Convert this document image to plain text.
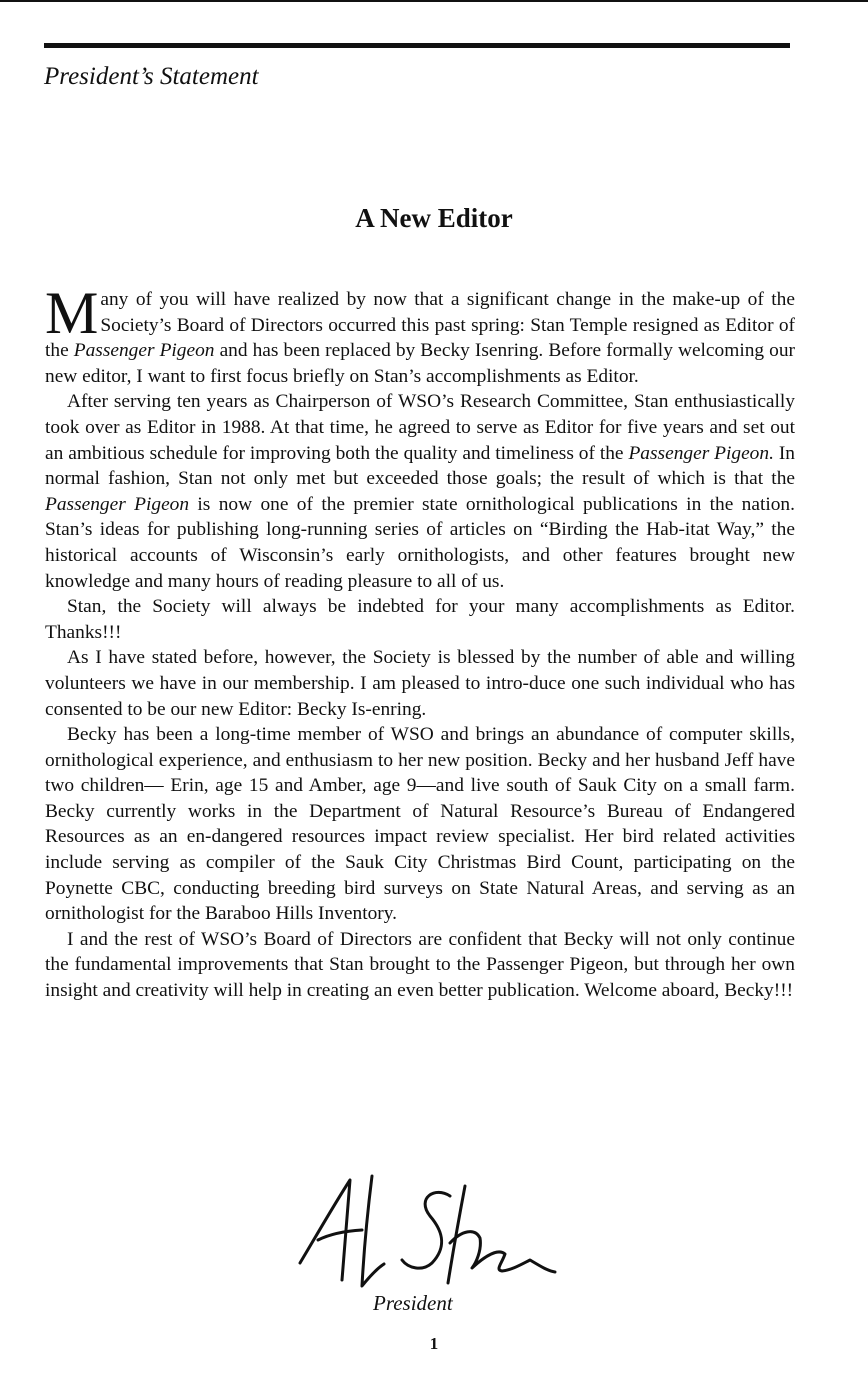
President’s Statement
A New Editor

Many of you will have realized by now that a significant change in the make-up of the Society’s Board of Directors occurred this past spring: Stan Temple resigned as Editor of the Passenger Pigeon and has been replaced by Becky Isenring. Before formally welcoming our new editor, I want to first focus briefly on Stan’s accomplishments as Editor.

After serving ten years as Chairperson of WSO’s Research Committee, Stan enthusiastically took over as Editor in 1988. At that time, he agreed to serve as Editor for five years and set out an ambitious schedule for improving both the quality and timeliness of the Passenger Pigeon. In normal fashion, Stan not only met but exceeded those goals; the result of which is that the Passenger Pigeon is now one of the premier state ornithological publications in the nation. Stan’s ideas for publishing long-running series of articles on “Birding the Hab-itat Way,” the historical accounts of Wisconsin’s early ornithologists, and other features brought new knowledge and many hours of reading pleasure to all of us.

Stan, the Society will always be indebted for your many accomplishments as Editor. Thanks!!!

As I have stated before, however, the Society is blessed by the number of able and willing volunteers we have in our membership. I am pleased to intro-duce one such individual who has consented to be our new Editor: Becky Is-enring.

Becky has been a long-time member of WSO and brings an abundance of computer skills, ornithological experience, and enthusiasm to her new position. Becky and her husband Jeff have two children— Erin, age 15 and Amber, age 9—and live south of Sauk City on a small farm. Becky currently works in the Department of Natural Resource’s Bureau of Endangered Resources as an en-dangered resources impact review specialist. Her bird related activities include serving as compiler of the Sauk City Christmas Bird Count, participating on the Poynette CBC, conducting breeding bird surveys on State Natural Areas, and serving as an ornithologist for the Baraboo Hills Inventory.

I and the rest of WSO’s Board of Directors are confident that Becky will not only continue the fundamental improvements that Stan brought to the Passenger Pigeon, but through her own insight and creativity will help in creating an even better publication. Welcome aboard, Becky!!!

President
1
